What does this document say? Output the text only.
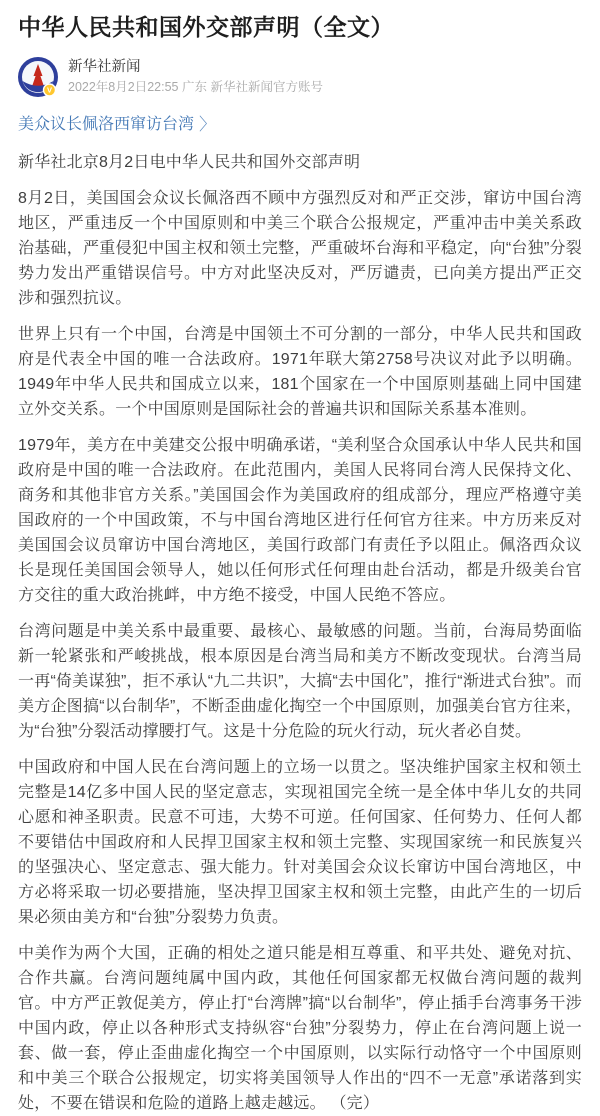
中华人民共和国外交部声明（全文）
V
新华社新闻
2022年8月2日22:55 广东 新华社新闻官方账号
美众议长佩洛西窜访台湾 〉

新华社北京8月2日电中华人民共和国外交部声明

8月2日，美国国会众议长佩洛西不顾中方强烈反对和严正交涉，窜访中国台湾地区，严重违反一个中国原则和中美三个联合公报规定，严重冲击中美关系政治基础，严重侵犯中国主权和领土完整，严重破坏台海和平稳定，向“台独”分裂势力发出严重错误信号。中方对此坚决反对，严厉谴责，已向美方提出严正交涉和强烈抗议。

世界上只有一个中国，台湾是中国领土不可分割的一部分，中华人民共和国政府是代表全中国的唯一合法政府。1971年联大第2758号决议对此予以明确。1949年中华人民共和国成立以来，181个国家在一个中国原则基础上同中国建立外交关系。一个中国原则是国际社会的普遍共识和国际关系基本准则。

1979年，美方在中美建交公报中明确承诺，“美利坚合众国承认中华人民共和国政府是中国的唯一合法政府。在此范围内，美国人民将同台湾人民保持文化、商务和其他非官方关系。”美国国会作为美国政府的组成部分，理应严格遵守美国政府的一个中国政策，不与中国台湾地区进行任何官方往来。中方历来反对美国国会议员窜访中国台湾地区，美国行政部门有责任予以阻止。佩洛西众议长是现任美国国会领导人，她以任何形式任何理由赴台活动，都是升级美台官方交往的重大政治挑衅，中方绝不接受，中国人民绝不答应。

台湾问题是中美关系中最重要、最核心、最敏感的问题。当前，台海局势面临新一轮紧张和严峻挑战，根本原因是台湾当局和美方不断改变现状。台湾当局一再“倚美谋独”，拒不承认“九二共识”，大搞“去中国化”，推行“渐进式台独”。而美方企图搞“以台制华”，不断歪曲虚化掏空一个中国原则，加强美台官方往来，为“台独”分裂活动撑腰打气。这是十分危险的玩火行动，玩火者必自焚。

中国政府和中国人民在台湾问题上的立场一以贯之。坚决维护国家主权和领土完整是14亿多中国人民的坚定意志，实现祖国完全统一是全体中华儿女的共同心愿和神圣职责。民意不可违，大势不可逆。任何国家、任何势力、任何人都不要错估中国政府和人民捍卫国家主权和领土完整、实现国家统一和民族复兴的坚强决心、坚定意志、强大能力。针对美国会众议长窜访中国台湾地区，中方必将采取一切必要措施，坚决捍卫国家主权和领土完整，由此产生的一切后果必须由美方和“台独”分裂势力负责。

中美作为两个大国，正确的相处之道只能是相互尊重、和平共处、避免对抗、合作共赢。台湾问题纯属中国内政，其他任何国家都无权做台湾问题的裁判官。中方严正敦促美方，停止打“台湾牌”搞“以台制华”，停止插手台湾事务干涉中国内政，停止以各种形式支持纵容“台独”分裂势力，停止在台湾问题上说一套、做一套，停止歪曲虚化掏空一个中国原则，以实际行动恪守一个中国原则和中美三个联合公报规定，切实将美国领导人作出的“四不一无意”承诺落到实处，不要在错误和危险的道路上越走越远。 （完）
